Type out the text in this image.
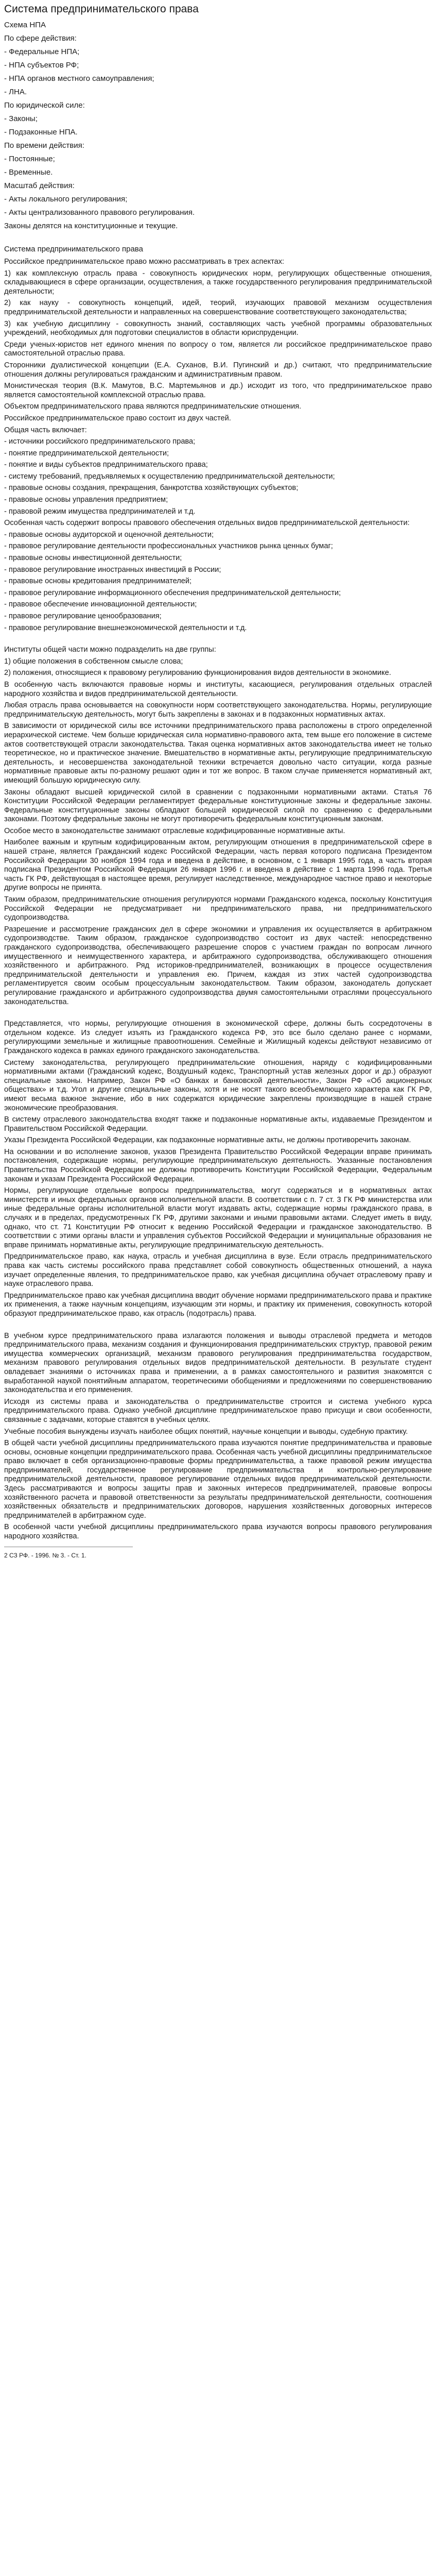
Система предпринимательского права
Схема НПА
По сфере действия:
- Федеральные НПА;
- НПА субъектов РФ;
- НПА органов местного самоуправления;
- ЛНА.
По юридической силе:
- Законы;
- Подзаконные НПА.
По времени действия:
- Постоянные;
- Временные.
Масштаб действия:
- Акты локального регулирования;
- Акты централизованного правового регулирования.
Законы делятся на конституционные и текущие.
Система предпринимательского права

Российское предпринимательское право можно рассматривать в трех аспектах:

1) как комплексную отрасль права - совокупность юридических норм, регулирующих общественные отношения, складывающиеся в сфере организации, осуществления, а также государственного регулирования предпринимательской деятельности;

2) как науку - совокупность концепций, идей, теорий, изучающих правовой механизм осуществления предпринимательской деятельности и направленных на совершенствование соответствующего законодательства;

3) как учебную дисциплину - совокупность знаний, составляющих часть учебной программы образовательных учреждений, необходимых для подготовки специалистов в области юриспруденции.

Среди ученых-юристов нет единого мнения по вопросу о том, является ли российское предпринимательское право самостоятельной отраслью права.

Сторонники дуалистической концепции (Е.А. Суханов, В.И. Пугинский и др.) считают, что предпринимательские отношения должны регулироваться гражданским и административным правом.

Монистическая теория (В.К. Мамутов, В.С. Мартемьянов и др.) исходит из того, что предпринимательское право является самостоятельной комплексной отраслью права.

Объектом предпринимательского права являются предпринимательские отношения.

Российское предпринимательское право состоит из двух частей.

Общая часть включает:

- источники российского предпринимательского права;

- понятие предпринимательской деятельности;

- понятие и виды субъектов предпринимательского права;

- систему требований, предъявляемых к осуществлению предпринимательской деятельности;

- правовые основы создания, прекращения, банкротства хозяйствующих субъектов;

- правовые основы управления предприятием;

- правовой режим имущества предпринимателей и т.д.

Особенная часть содержит вопросы правового обеспечения отдельных видов предпринимательской деятельности:

- правовые основы аудиторской и оценочной деятельности;

- правовое регулирование деятельности профессиональных участников рынка ценных бумаг;

- правовые основы инвестиционной деятельности;

- правовое регулирование иностранных инвестиций в России;

- правовые основы кредитования предпринимателей;

- правовое регулирование информационного обеспечения предпринимательской деятельности;

- правовое обеспечение инновационной деятельности;

- правовое регулирование ценообразования;

- правовое регулирование внешнеэкономической деятельности и т.д.

Институты общей части можно подразделить на две группы:

1) общие положения в собственном смысле слова;

2) положения, относящиеся к правовому регулированию функционирования видов деятельности в экономике.

В особенную часть включаются правовые нормы и институты, касающиеся, регулирования отдельных отраслей народного хозяйства и видов предпринимательской деятельности.

Любая отрасль права основывается на совокупности норм соответствующего законодательства. Нормы, регулирующие предпринимательскую деятельность, могут быть закреплены в законах и в подзаконных нормативных актах.

В зависимости от юридической силы все источники предпринимательского права расположены в строго определенной иерархической системе. Чем больше юридическая сила нормативно-правового акта, тем выше его положение в системе актов соответствующей отрасли законодательства. Такая оценка нормативных актов законодательства имеет не только теоретическое, но и практическое значение. Вмешательство в нормативные акты, регулирующие предпринимательскую деятельность, и несовершенства законодательной техники встречается довольно часто ситуации, когда разные нормативные правовые акты по-разному решают один и тот же вопрос. В таком случае применяется нормативный акт, имеющий большую юридическую силу.

Законы обладают высшей юридической силой в сравнении с подзаконными нормативными актами. Статья 76 Конституции Российской Федерации регламентирует федеральные конституционные законы и федеральные законы. Федеральные конституционные законы обладают большей юридической силой по сравнению с федеральными законами. Поэтому федеральные законы не могут противоречить федеральным конституционным законам.

Особое место в законодательстве занимают отраслевые кодифицированные нормативные акты.

Наиболее важным и крупным кодифицированным актом, регулирующим отношения в предпринимательской сфере в нашей стране, является Гражданский кодекс Российской Федерации, часть первая которого подписана Президентом Российской Федерации 30 ноября 1994 года и введена в действие, в основном, с 1 января 1995 года, а часть вторая подписана Президентом Российской Федерации 26 января 1996 г. и введена в действие с 1 марта 1996 года. Третья часть ГК РФ, действующая в настоящее время, регулирует наследственное, международное частное право и некоторые другие вопросы не принята.

Таким образом, предпринимательские отношения регулируются нормами Гражданского кодекса, поскольку Конституция Российской Федерации не предусматривает ни предпринимательского права, ни предпринимательского судопроизводства.

Разрешение и рассмотрение гражданских дел в сфере экономики и управления их осуществляется в арбитражном судопроизводстве. Таким образом, гражданское судопроизводство состоит из двух частей: непосредственно гражданского судопроизводства, обеспечивающего разрешение споров с участием граждан по вопросам личного имущественного и неимущественного характера, и арбитражного судопроизводства, обслуживающего отношения хозяйственного и арбитражного. Ряд историков-предпринимателей, возникающих в процессе осуществления предпринимательской деятельности и управления ею. Причем, каждая из этих частей судопроизводства регламентируется своим особым процессуальным законодательством. Таким образом, законодатель допускает регулирование гражданского и арбитражного судопроизводства двумя самостоятельными отраслями процессуального законодательства.

Представляется, что нормы, регулирующие отношения в экономической сфере, должны быть сосредоточены в отдельном кодексе. Из следует изъять из Гражданского кодекса РФ, это все было сделано ранее с нормами, регулирующими земельные и жилищные правоотношения. Семейные и Жилищный кодексы действуют независимо от Гражданского кодекса в рамках единого гражданского законодательства.

Систему законодательства, регулирующего предпринимательские отношения, наряду с кодифицированными нормативными актами (Гражданский кодекс, Воздушный кодекс, Транспортный устав железных дорог и др.) образуют специальные законы. Например, Закон РФ «О банках и банковской деятельности», Закон РФ «Об акционерных обществах» и т.д. Угол и другие специальные законы, хотя и не носят такого всеобъемлющего характера как ГК РФ, имеют весьма важное значение, ибо в них содержатся юридические закреплены производящие в нашей стране экономические преобразования.

В систему отраслевого законодательства входят также и подзаконные нормативные акты, издаваемые Президентом и Правительством Российской Федерации.

Указы Президента Российской Федерации, как подзаконные нормативные акты, не должны противоречить законам.

На основании и во исполнение законов, указов Президента Правительство Российской Федерации вправе принимать постановления, содержащие нормы, регулирующие предпринимательскую деятельность. Указанные постановления Правительства Российской Федерации не должны противоречить Конституции Российской Федерации, Федеральным законам и указам Президента Российской Федерации.

Нормы, регулирующие отдельные вопросы предпринимательства, могут содержаться и в нормативных актах министерств и иных федеральных органов исполнительной власти. В соответствии с п. 7 ст. 3 ГК РФ министерства или иные федеральные органы исполнительной власти могут издавать акты, содержащие нормы гражданского права, в случаях и в пределах, предусмотренных ГК РФ, другими законами и иными правовыми актами. Следует иметь в виду, однако, что ст. 71 Конституции РФ относит к ведению Российской Федерации и гражданское законодательство. В соответствии с этими органы власти и управления субъектов Российской Федерации и муниципальные образования не вправе принимать нормативные акты, регулирующие предпринимательскую деятельность.

Предпринимательское право, как наука, отрасль и учебная дисциплина в вузе. Если отрасль предпринимательского права как часть системы российского права представляет собой совокупность общественных отношений, а наука изучает определенные явления, то предпринимательское право, как учебная дисциплина обучает отраслевому праву и науке отраслевого права.

Предпринимательское право как учебная дисциплина вводит обучение нормами предпринимательского права и практике их применения, а также научным концепциям, изучающим эти нормы, и практику их применения, совокупность которой образуют предпринимательское право, как отрасль (подотрасль) права.

В учебном курсе предпринимательского права излагаются положения и выводы отраслевой предмета и методов предпринимательского права, механизм создания и функционирования предпринимательских структур, правовой режим имущества коммерческих организаций, механизм правового регулирования предпринимательства государством, механизм правового регулирования отдельных видов предпринимательской деятельности. В результате студент овладевает знаниями о источниках права и применении, а в рамках самостоятельного и развития знакомятся с выработанной наукой понятийным аппаратом, теоретическими обобщениями и предложениями по совершенствованию законодательства и его применения.

Исходя из системы права и законодательства о предпринимательстве строится и система учебного курса предпринимательского права. Однако учебной дисциплине предпринимательское право присущи и свои особенности, связанные с задачами, которые ставятся в учебных целях.

Учебные пособия вынуждены изучать наиболее общих понятий, научные концепции и выводы, судебную практику.

В общей части учебной дисциплины предпринимательского права изучаются понятие предпринимательства и правовые основы, основные концепции предпринимательского права. Особенная часть учебной дисциплины предпринимательское право включает в себя организационно-правовые формы предпринимательства, а также правовой режим имущества предпринимателей, государственное регулирование предпринимательства и контрольно-регулирование предпринимательской деятельности, правовое регулирование отдельных видов предпринимательской деятельности. Здесь рассматриваются и вопросы защиты прав и законных интересов предпринимателей, правовые вопросы хозяйственного расчета и правовой ответственности за результаты предпринимательской деятельности, соотношения хозяйственных обязательств и предпринимательских договоров, нарушения хозяйственных договорных интересов предпринимателей в арбитражном суде.

В особенной части учебной дисциплины предпринимательского права изучаются вопросы правового регулирования народного хозяйства.

2 СЗ РФ. - 1996. № 3. - Ст. 1.
